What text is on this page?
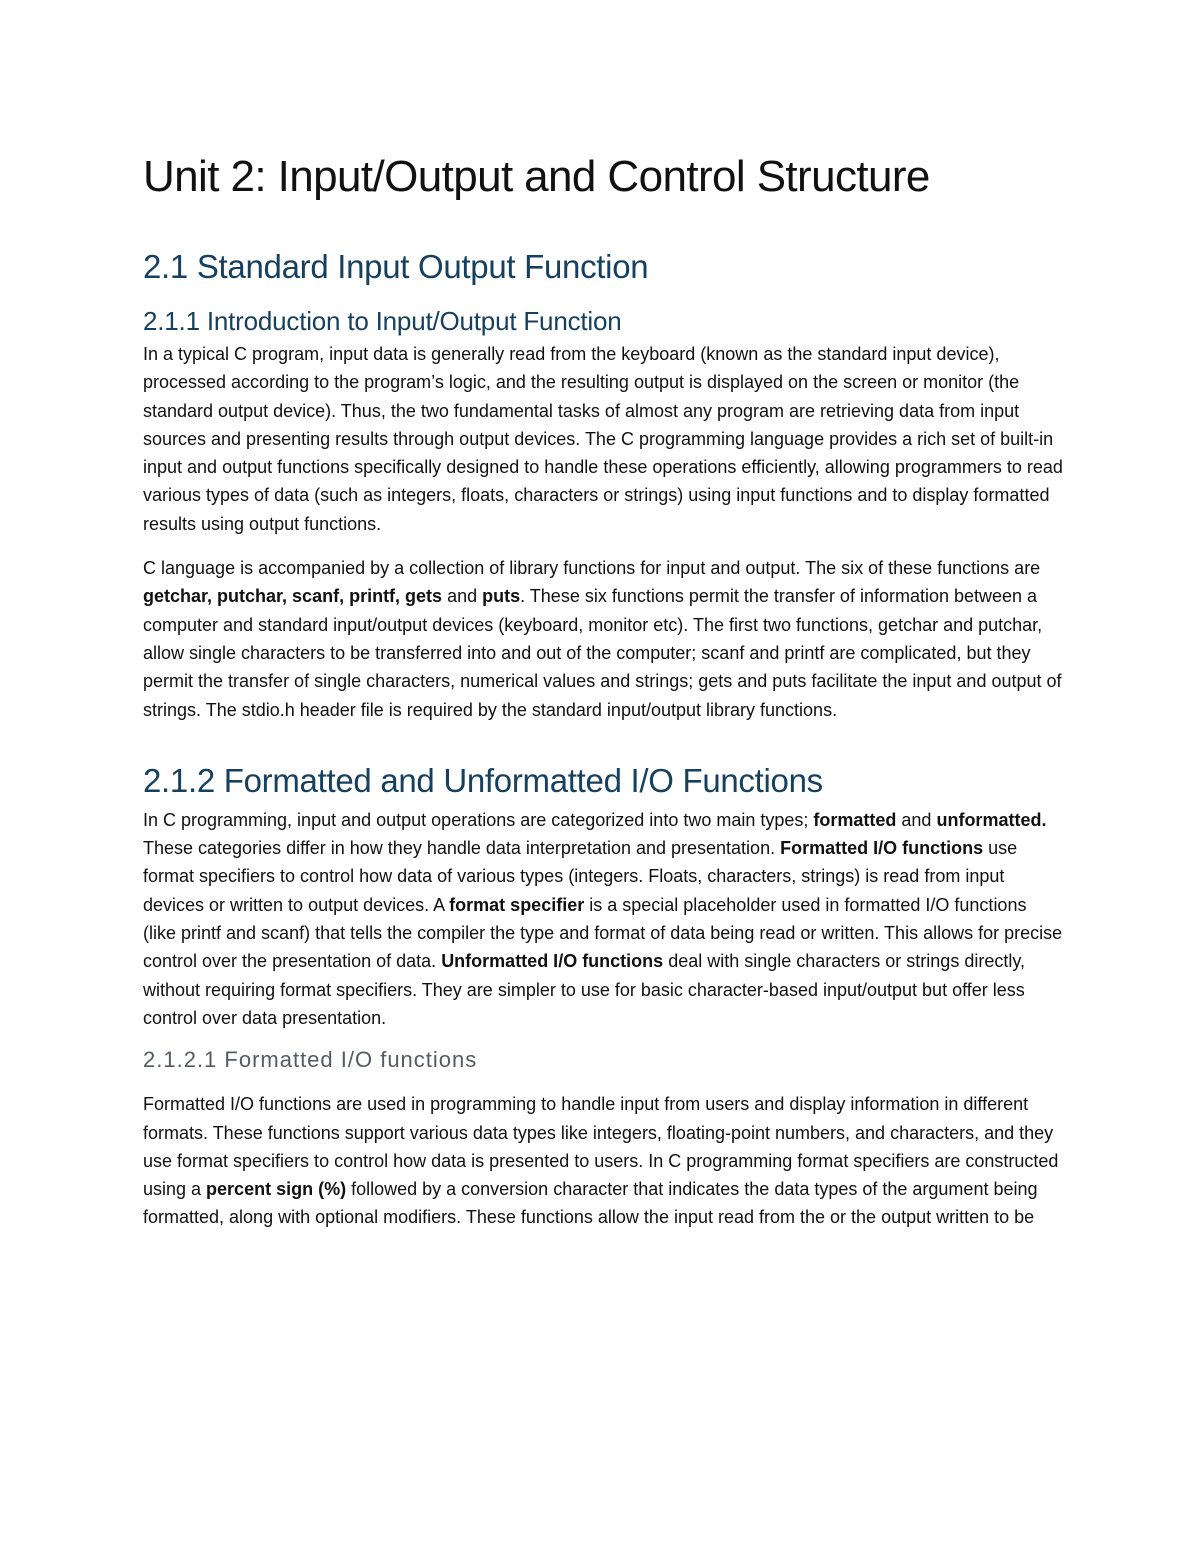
Unit 2: Input/Output and Control Structure
2.1 Standard Input Output Function
2.1.1 Introduction to Input/Output Function

In a typical C program, input data is generally read from the keyboard (known as the standard input device), processed according to the program’s logic, and the resulting output is displayed on the screen or monitor (the standard output device). Thus, the two fundamental tasks of almost any program are retrieving data from input sources and presenting results through output devices. The C programming language provides a rich set of built-in input and output functions specifically designed to handle these operations efficiently, allowing programmers to read various types of data (such as integers, floats, characters or strings) using input functions and to display formatted results using output functions.

C language is accompanied by a collection of library functions for input and output. The six of these functions are getchar, putchar, scanf, printf, gets and puts. These six functions permit the transfer of information between a computer and standard input/output devices (keyboard, monitor etc). The first two functions, getchar and putchar, allow single characters to be transferred into and out of the computer; scanf and printf are complicated, but they permit the transfer of single characters, numerical values and strings; gets and puts facilitate the input and output of strings. The stdio.h header file is required by the standard input/output library functions.

2.1.2 Formatted and Unformatted I/O Functions

In C programming, input and output operations are categorized into two main types; formatted and unformatted. These categories differ in how they handle data interpretation and presentation. Formatted I/O functions use format specifiers to control how data of various types (integers. Floats, characters, strings) is read from input devices or written to output devices. A format specifier is a special placeholder used in formatted I/O functions (like printf and scanf) that tells the compiler the type and format of data being read or written. This allows for precise control over the presentation of data. Unformatted I/O functions deal with single characters or strings directly, without requiring format specifiers. They are simpler to use for basic character-based input/output but offer less control over data presentation.

2.1.2.1 Formatted I/O functions

Formatted I/O functions are used in programming to handle input from users and display information in different formats. These functions support various data types like integers, floating-point numbers, and characters, and they use format specifiers to control how data is presented to users. In C programming format specifiers are constructed using a percent sign (%) followed by a conversion character that indicates the data types of the argument being formatted, along with optional modifiers. These functions allow the input read from the or the output written to be
